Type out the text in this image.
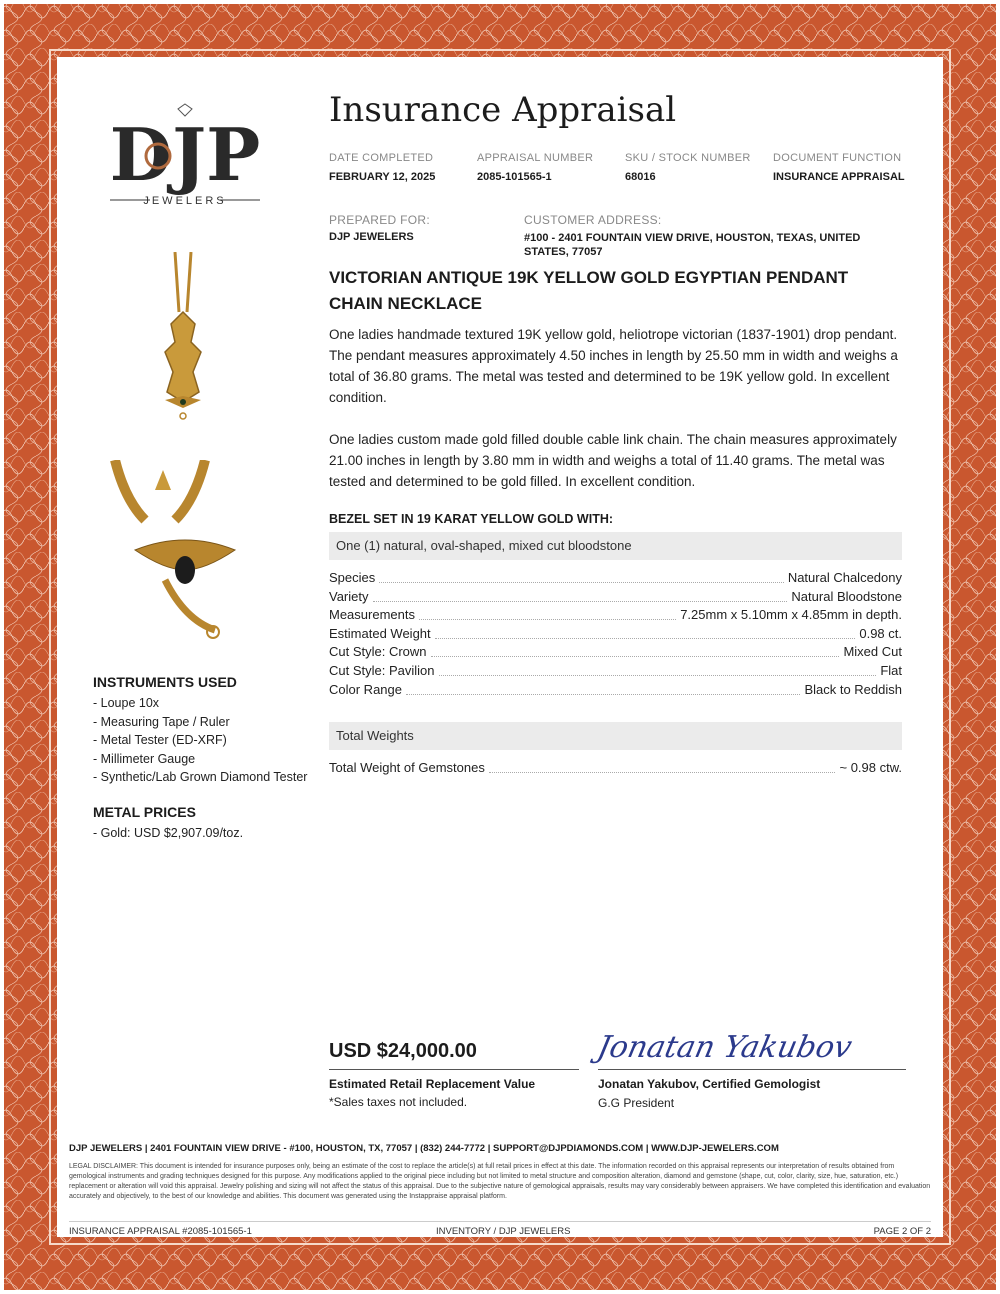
DJP
JEWELERS
Insurance Appraisal
DATE COMPLETED
FEBRUARY 12, 2025
APPRAISAL NUMBER
2085-101565-1
SKU / STOCK NUMBER
68016
DOCUMENT FUNCTION
INSURANCE APPRAISAL
PREPARED FOR:
DJP JEWELERS
CUSTOMER ADDRESS:
#100 - 2401 FOUNTAIN VIEW DRIVE, HOUSTON, TEXAS, UNITED STATES, 77057
VICTORIAN ANTIQUE 19K YELLOW GOLD EGYPTIAN PENDANT CHAIN NECKLACE
One ladies handmade textured 19K yellow gold, heliotrope victorian (1837-1901) drop pendant. The pendant measures approximately 4.50 inches in length by 25.50 mm in width and weighs a total of 36.80 grams. The metal was tested and determined to be 19K yellow gold. In excellent condition.
One ladies custom made gold filled double cable link chain. The chain measures approximately 21.00 inches in length by 3.80 mm in width and weighs a total of 11.40 grams. The metal was tested and determined to be gold filled. In excellent condition.
BEZEL SET IN 19 KARAT YELLOW GOLD WITH:
One (1) natural, oval-shaped, mixed cut bloodstone
Species	Natural Chalcedony
Variety	Natural Bloodstone
Measurements	7.25mm x 5.10mm x 4.85mm in depth.
Estimated Weight	0.98 ct.
Cut Style: Crown	Mixed Cut
Cut Style: Pavilion	Flat
Color Range	Black to Reddish
Total Weights
Total Weight of Gemstones	~ 0.98 ctw.
INSTRUMENTS USED
- Loupe 10x
- Measuring Tape / Ruler
- Metal Tester (ED-XRF)
- Millimeter Gauge
- Synthetic/Lab Grown Diamond Tester
METAL PRICES
- Gold: USD $2,907.09/toz.
USD $24,000.00
Estimated Retail Replacement Value
*Sales taxes not included.
Jonatan Yakubov
Jonatan Yakubov, Certified Gemologist
G.G President
DJP JEWELERS | 2401 FOUNTAIN VIEW DRIVE - #100, HOUSTON, TX, 77057 | (832) 244-7772 | SUPPORT@DJPDIAMONDS.COM | WWW.DJP-JEWELERS.COM
LEGAL DISCLAIMER: This document is intended for insurance purposes only, being an estimate of the cost to replace the article(s) at full retail prices in effect at this date. The information recorded on this appraisal represents our interpretation of results obtained from gemological instruments and grading techniques designed for this purpose. Any modifications applied to the original piece including but not limited to metal structure and composition alteration, diamond and gemstone (shape, cut, color, clarity, size, hue, saturation, etc.) replacement or alteration will void this appraisal. Jewelry polishing and sizing will not affect the status of this appraisal. Due to the subjective nature of gemological appraisals, results may vary considerably between appraisers. We have completed this identification and evaluation accurately and objectively, to the best of our knowledge and abilities. This document was generated using the Instappraise appraisal platform.
INSURANCE APPRAISAL #2085-101565-1	INVENTORY / DJP JEWELERS	PAGE 2 OF 2
